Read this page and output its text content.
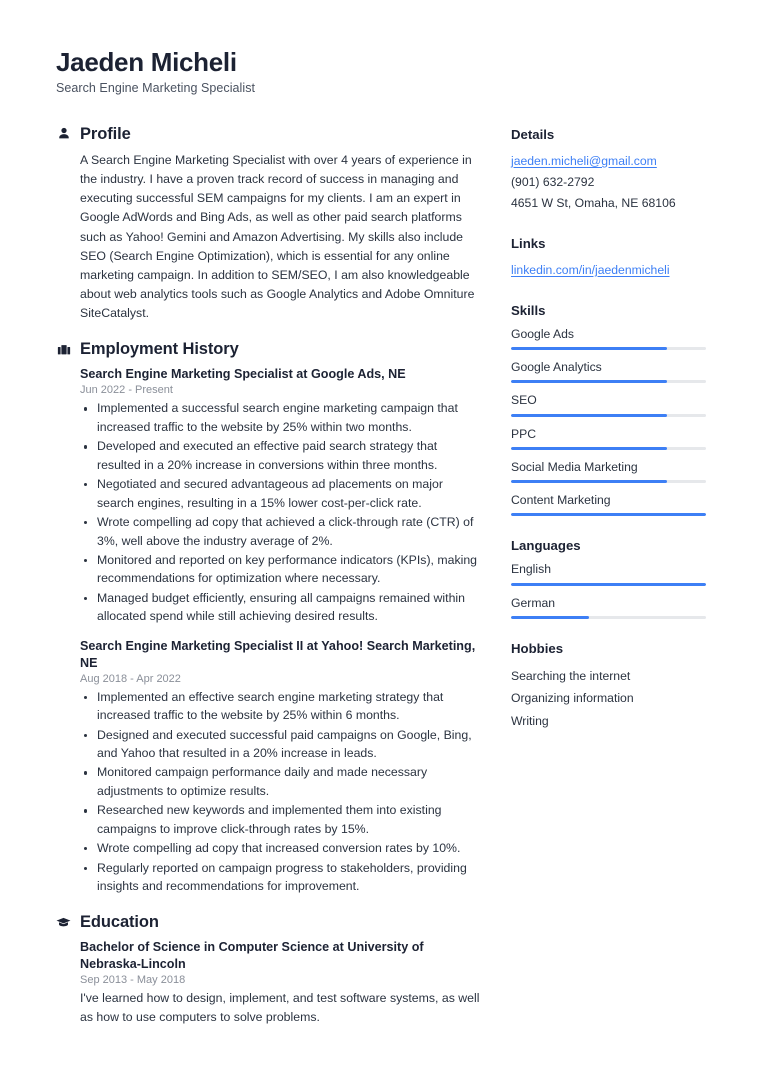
Jaeden Micheli
Search Engine Marketing Specialist
Profile

A Search Engine Marketing Specialist with over 4 years of experience in the industry. I have a proven track record of success in managing and executing successful SEM campaigns for my clients. I am an expert in Google AdWords and Bing Ads, as well as other paid search platforms such as Yahoo! Gemini and Amazon Advertising. My skills also include SEO (Search Engine Optimization), which is essential for any online marketing campaign. In addition to SEM/SEO, I am also knowledgeable about web analytics tools such as Google Analytics and Adobe Omniture SiteCatalyst.

Employment History
Search Engine Marketing Specialist at Google Ads, NE
Jun 2022 - Present
Implemented a successful search engine marketing campaign that increased traffic to the website by 25% within two months.
Developed and executed an effective paid search strategy that resulted in a 20% increase in conversions within three months.
Negotiated and secured advantageous ad placements on major search engines, resulting in a 15% lower cost-per-click rate.
Wrote compelling ad copy that achieved a click-through rate (CTR) of 3%, well above the industry average of 2%.
Monitored and reported on key performance indicators (KPIs), making recommendations for optimization where necessary.
Managed budget efficiently, ensuring all campaigns remained within allocated spend while still achieving desired results.
Search Engine Marketing Specialist II at Yahoo! Search Marketing, NE
Aug 2018 - Apr 2022
Implemented an effective search engine marketing strategy that increased traffic to the website by 25% within 6 months.
Designed and executed successful paid campaigns on Google, Bing, and Yahoo that resulted in a 20% increase in leads.
Monitored campaign performance daily and made necessary adjustments to optimize results.
Researched new keywords and implemented them into existing campaigns to improve click-through rates by 15%.
Wrote compelling ad copy that increased conversion rates by 10%.
Regularly reported on campaign progress to stakeholders, providing insights and recommendations for improvement.
Education
Bachelor of Science in Computer Science at University of Nebraska-Lincoln
Sep 2013 - May 2018
I've learned how to design, implement, and test software systems, as well as how to use computers to solve problems.
Details
jaeden.micheli@gmail.com
(901) 632-2792
4651 W St, Omaha, NE 68106
Links
linkedin.com/in/jaedenmicheli
Skills
Google Ads
Google Analytics
SEO
PPC
Social Media Marketing
Content Marketing
Languages
English
German
Hobbies
Searching the internet
Organizing information
Writing
